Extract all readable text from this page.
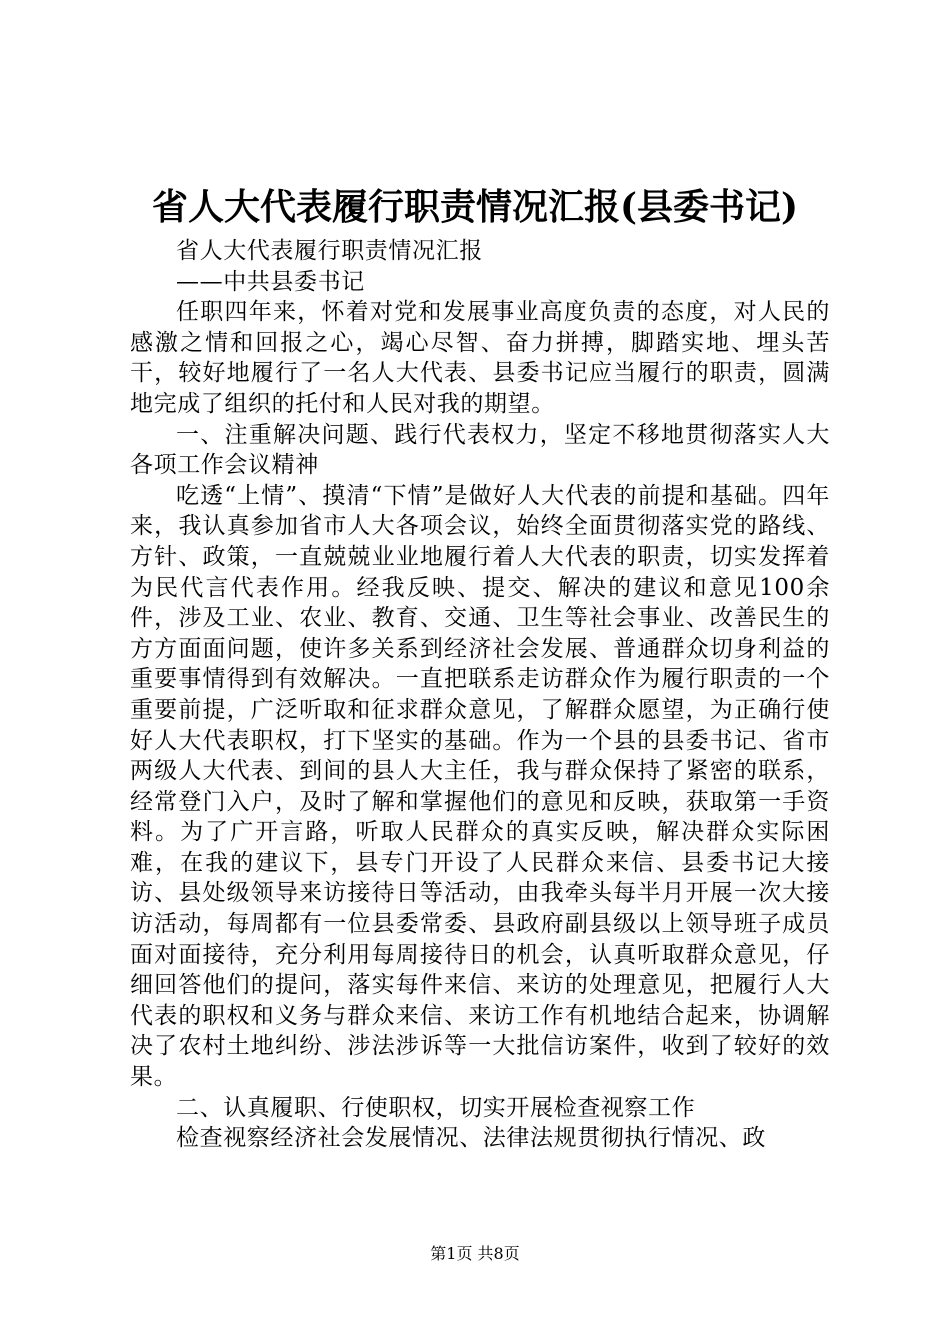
省人大代表履行职责情况汇报(县委书记)

省人大代表履行职责情况汇报

——中共县委书记

任职四年来，怀着对党和发展事业高度负责的态度，对人民的感激之情和回报之心，竭心尽智、奋力拼搏，脚踏实地、埋头苦干，较好地履行了一名人大代表、县委书记应当履行的职责，圆满地完成了组织的托付和人民对我的期望。

一、注重解决问题、践行代表权力，坚定不移地贯彻落实人大各项工作会议精神

吃透“上情”、摸清“下情”是做好人大代表的前提和基础。四年来，我认真参加省市人大各项会议，始终全面贯彻落实党的路线、方针、政策，一直兢兢业业地履行着人大代表的职责，切实发挥着为民代言代表作用。经我反映、提交、解决的建议和意见100余件，涉及工业、农业、教育、交通、卫生等社会事业、改善民生的方方面面问题，使许多关系到经济社会发展、普通群众切身利益的重要事情得到有效解决。一直把联系走访群众作为履行职责的一个重要前提，广泛听取和征求群众意见，了解群众愿望，为正确行使好人大代表职权，打下坚实的基础。作为一个县的县委书记、省市两级人大代表、到间的县人大主任，我与群众保持了紧密的联系，经常登门入户，及时了解和掌握他们的意见和反映，获取第一手资料。为了广开言路，听取人民群众的真实反映，解决群众实际困难，在我的建议下，县专门开设了人民群众来信、县委书记大接访、县处级领导来访接待日等活动，由我牵头每半月开展一次大接访活动，每周都有一位县委常委、县政府副县级以上领导班子成员面对面接待，充分利用每周接待日的机会，认真听取群众意见，仔细回答他们的提问，落实每件来信、来访的处理意见，把履行人大代表的职权和义务与群众来信、来访工作有机地结合起来，协调解决了农村土地纠纷、涉法涉诉等一大批信访案件，收到了较好的效果。

二、认真履职、行使职权，切实开展检查视察工作

检查视察经济社会发展情况、法律法规贯彻执行情况、政

第1页 共8页
